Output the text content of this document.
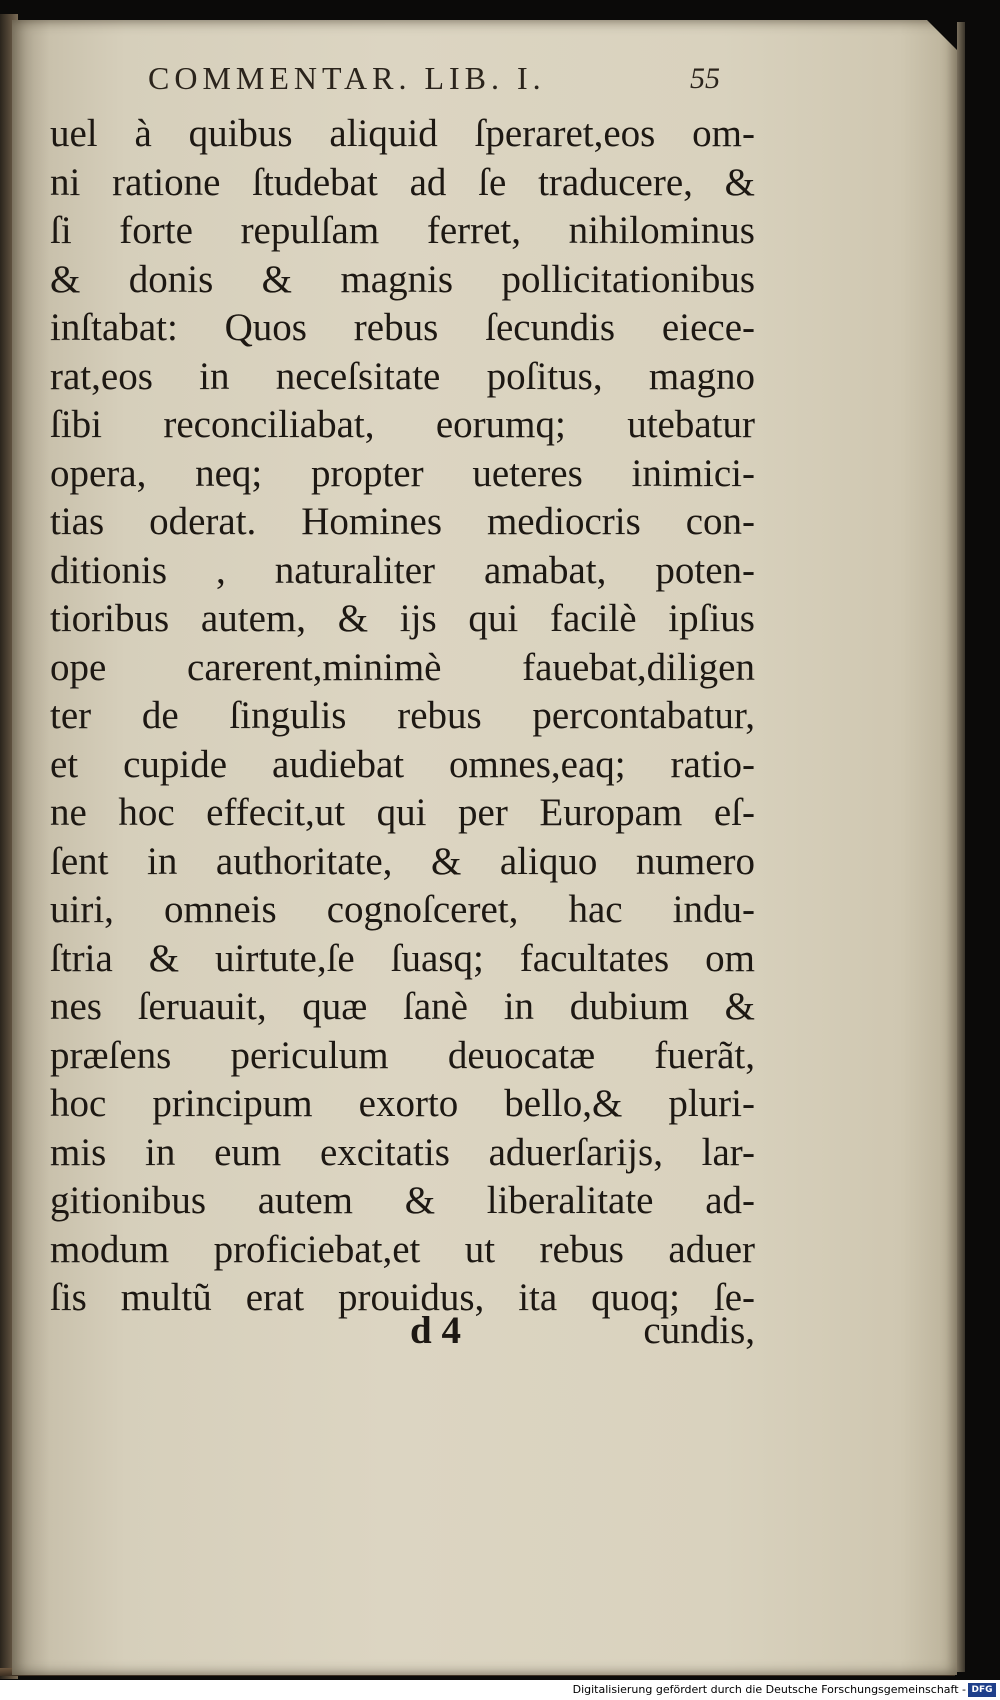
COMMENTAR. LIB. I.	55
uel à quibus aliquid ſperaret,eos om-
ni ratione ſtudebat ad ſe traducere, &
ſi forte repulſam ferret, nihilominus
& donis & magnis pollicitationibus
inſtabat: Quos rebus ſecundis eiece-
rat,eos in neceſsitate poſitus, magno
ſibi reconciliabat, eorumq; utebatur
opera, neq; propter ueteres inimici-
tias oderat. Homines mediocris con-
ditionis , naturaliter amabat, poten-
tioribus autem, & ijs qui facilè ipſius
ope carerent,minimè fauebat,diligen
ter de ſingulis rebus percontabatur,
et cupide audiebat omnes,eaq; ratio-
ne hoc effecit,ut qui per Europam eſ-
ſent in authoritate, & aliquo numero
uiri, omneis cognoſceret, hac indu-
ſtria & uirtute,ſe ſuasq; facultates om
nes ſeruauit, quæ ſanè in dubium &
præſens periculum deuocatæ fuerãt,
hoc principum exorto bello,& pluri-
mis in eum excitatis aduerſarijs, lar-
gitionibus autem & liberalitate ad-
modum proficiebat,et ut rebus aduer
ſis multũ erat prouidus, ita quoq; ſe-
d 4	cundis,
Digitalisierung gefördert durch die Deutsche Forschungsgemeinschaft - DFG
